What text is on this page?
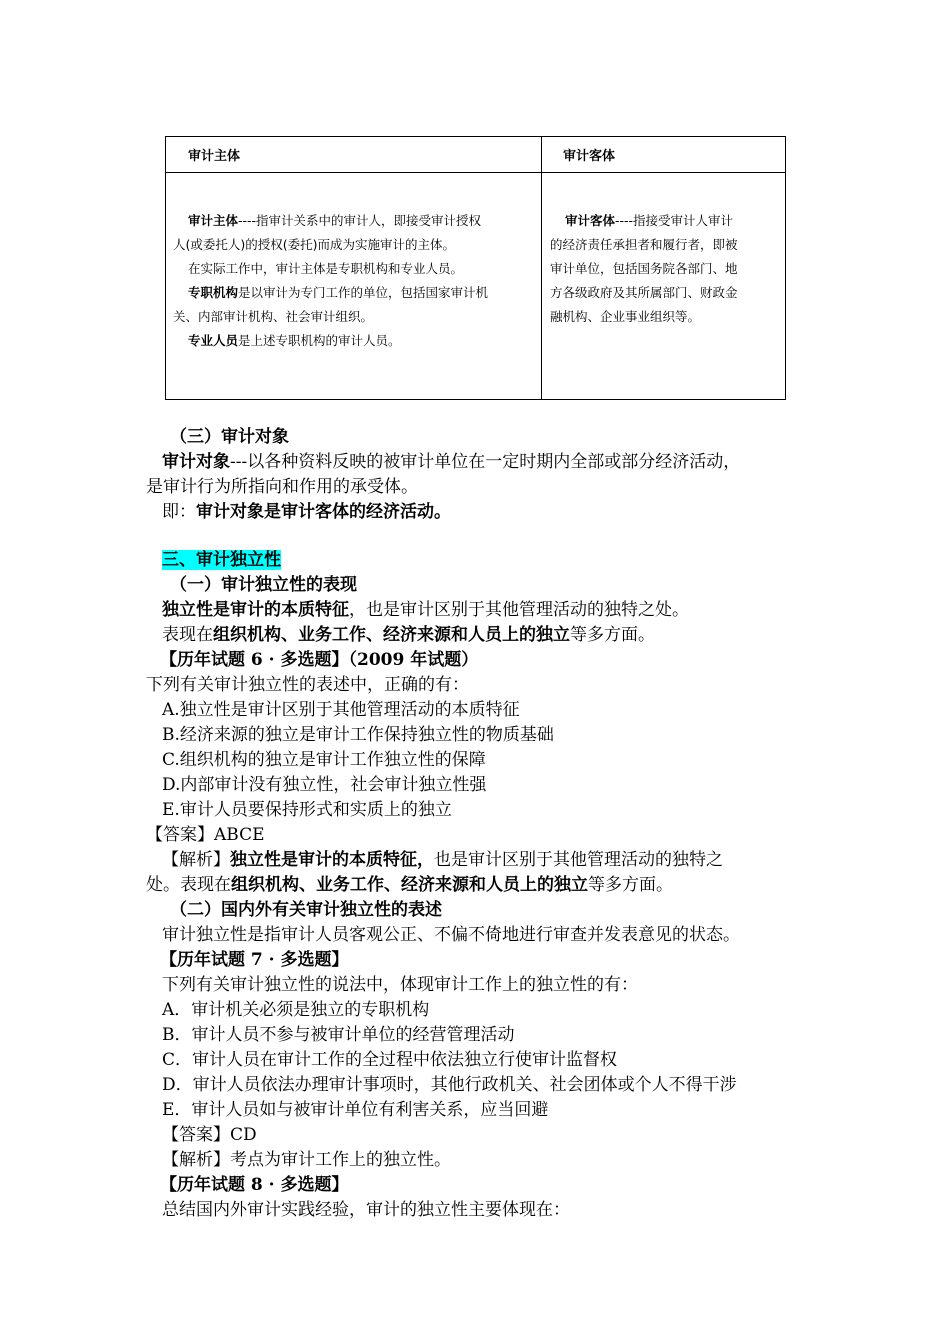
审计主体	审计客体

审计主体----指审计关系中的审计人，即接受审计授权

人(或委托人)的授权(委托)而成为实施审计的主体。

在实际工作中，审计主体是专职机构和专业人员。

专职机构是以审计为专门工作的单位，包括国家审计机

关、内部审计机构、社会审计组织。

专业人员是上述专职机构的审计人员。

审计客体----指接受审计人审计

的经济责任承担者和履行者，即被

审计单位，包括国务院各部门、地

方各级政府及其所属部门、财政金

融机构、企业事业组织等。

（三）审计对象
审计对象---以各种资料反映的被审计单位在一定时期内全部或部分经济活动，
是审计行为所指向和作用的承受体。
即：审计对象是审计客体的经济活动。
三、审计独立性
（一）审计独立性的表现
独立性是审计的本质特征，也是审计区别于其他管理活动的独特之处。
表现在组织机构、业务工作、经济来源和人员上的独立等多方面。
【历年试题 6 · 多选题】（2009 年试题）
下列有关审计独立性的表述中，正确的有：
A.独立性是审计区别于其他管理活动的本质特征
B.经济来源的独立是审计工作保持独立性的物质基础
C.组织机构的独立是审计工作独立性的保障
D.内部审计没有独立性，社会审计独立性强
E.审计人员要保持形式和实质上的独立
【答案】ABCE
【解析】独立性是审计的本质特征，也是审计区别于其他管理活动的独特之
处。表现在组织机构、业务工作、经济来源和人员上的独立等多方面。
（二）国内外有关审计独立性的表述
审计独立性是指审计人员客观公正、不偏不倚地进行审查并发表意见的状态。
【历年试题 7 · 多选题】
下列有关审计独立性的说法中，体现审计工作上的独立性的有：
A．审计机关必须是独立的专职机构
B．审计人员不参与被审计单位的经营管理活动
C．审计人员在审计工作的全过程中依法独立行使审计监督权
D．审计人员依法办理审计事项时，其他行政机关、社会团体或个人不得干涉
E．审计人员如与被审计单位有利害关系，应当回避
【答案】CD
【解析】考点为审计工作上的独立性。
【历年试题 8 · 多选题】
总结国内外审计实践经验，审计的独立性主要体现在：
